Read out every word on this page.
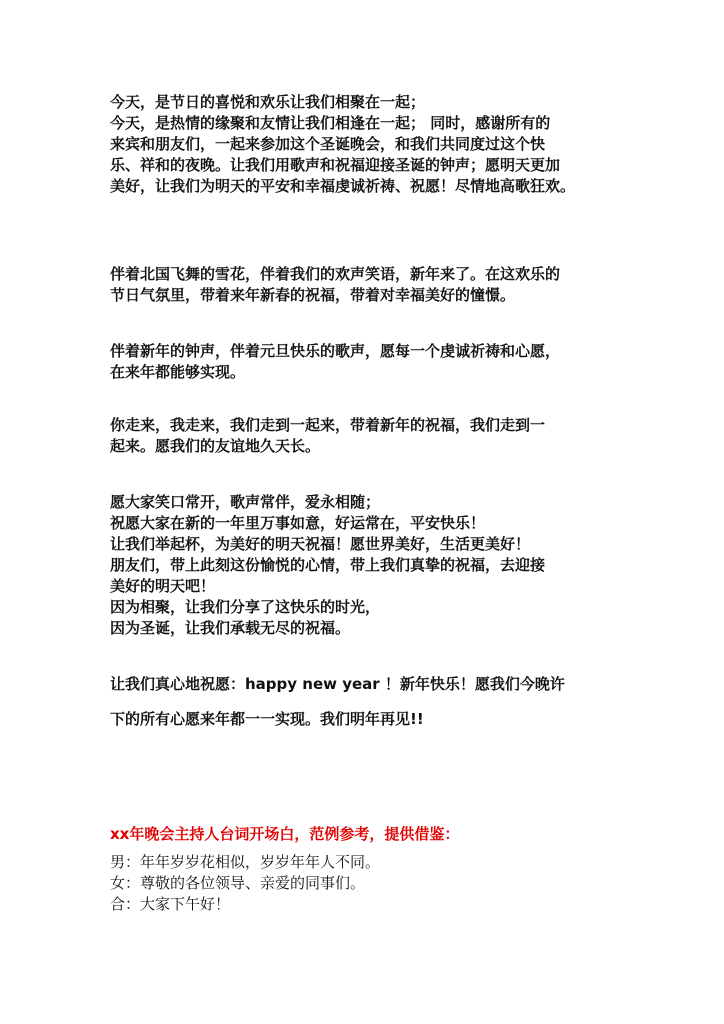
今天，是节日的喜悦和欢乐让我们相聚在一起；
今天，是热情的缘聚和友情让我们相逢在一起； 同时，感谢所有的
来宾和朋友们，一起来参加这个圣诞晚会，和我们共同度过这个快
乐、祥和的夜晚。让我们用歌声和祝福迎接圣诞的钟声；愿明天更加
美好，让我们为明天的平安和幸福虔诚祈祷、祝愿！尽情地高歌狂欢。
伴着北国飞舞的雪花，伴着我们的欢声笑语，新年来了。在这欢乐的
节日气氛里，带着来年新春的祝福，带着对幸福美好的憧憬。
伴着新年的钟声，伴着元旦快乐的歌声，愿每一个虔诚祈祷和心愿，
在来年都能够实现。
你走来，我走来，我们走到一起来，带着新年的祝福，我们走到一
起来。愿我们的友谊地久天长。
愿大家笑口常开，歌声常伴，爱永相随；
祝愿大家在新的一年里万事如意，好运常在，平安快乐！
让我们举起杯，为美好的明天祝福！愿世界美好，生活更美好！
朋友们，带上此刻这份愉悦的心情，带上我们真挚的祝福，去迎接
美好的明天吧！
因为相聚，让我们分享了这快乐的时光，
因为圣诞，让我们承载无尽的祝福。
让我们真心地祝愿：happy new year ！新年快乐！愿我们今晚许
下的所有心愿来年都一一实现。我们明年再见!!
xx年晚会主持人台词开场白，范例参考，提供借鉴：
男：年年岁岁花相似，岁岁年年人不同。
女：尊敬的各位领导、亲爱的同事们。
合：大家下午好！
